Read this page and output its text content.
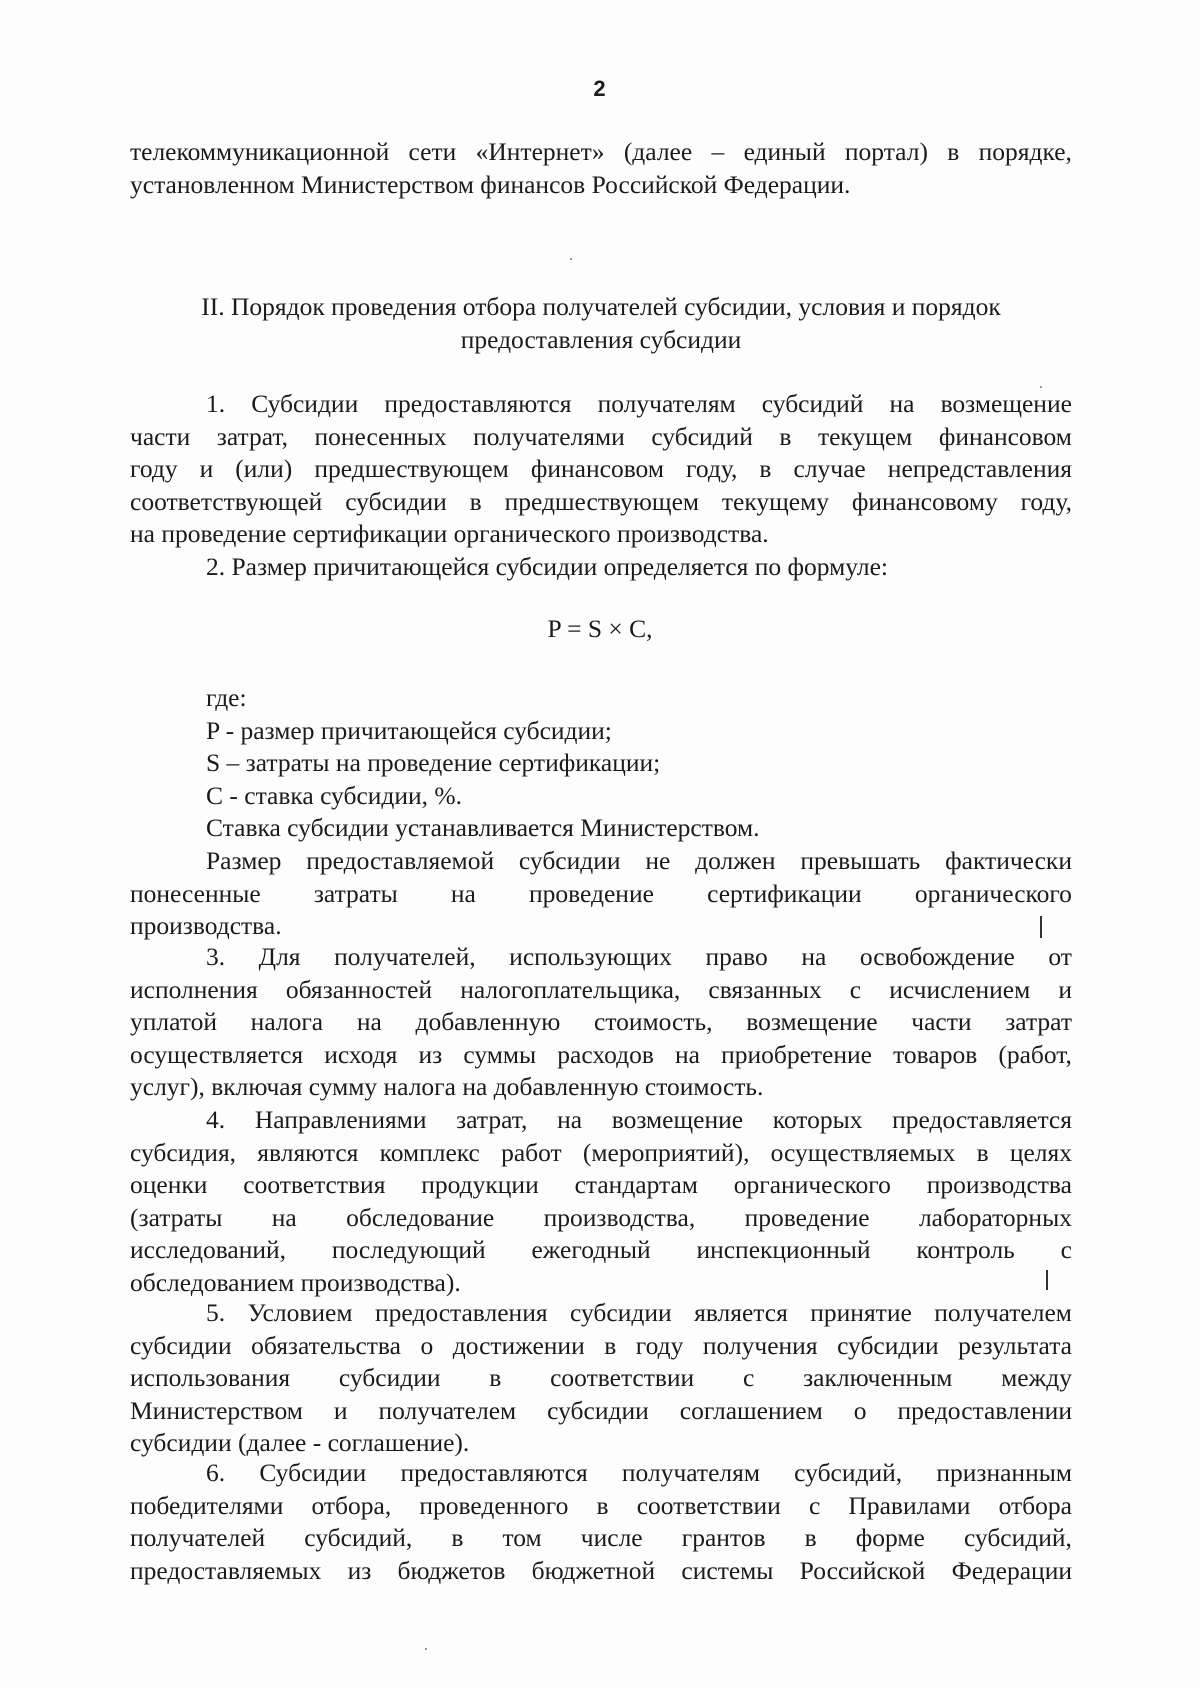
2
телекоммуникационной сети «Интернет» (далее – единый портал) в порядке,
установленном Министерством финансов Российской Федерации.
II. Порядок проведения отбора получателей субсидии, условия и порядок
предоставления субсидии
1. Субсидии предоставляются получателям субсидий на возмещение
части затрат, понесенных получателями субсидий в текущем финансовом
году и (или) предшествующем финансовом году, в случае непредставления
соответствующей субсидии в предшествующем текущему финансовому году,
на проведение сертификации органического производства.
2. Размер причитающейся субсидии определяется по формуле:
P = S × C,
где:
P - размер причитающейся субсидии;
S – затраты на проведение сертификации;
C - ставка субсидии, %.
Ставка субсидии устанавливается Министерством.
Размер предоставляемой субсидии не должен превышать фактически
понесенные затраты на проведение сертификации органического
производства.
3. Для получателей, использующих право на освобождение от
исполнения обязанностей налогоплательщика, связанных с исчислением и
уплатой налога на добавленную стоимость, возмещение части затрат
осуществляется исходя из суммы расходов на приобретение товаров (работ,
услуг), включая сумму налога на добавленную стоимость.
4. Направлениями затрат, на возмещение которых предоставляется
субсидия, являются комплекс работ (мероприятий), осуществляемых в целях
оценки соответствия продукции стандартам органического производства
(затраты на обследование производства, проведение лабораторных
исследований, последующий ежегодный инспекционный контроль с
обследованием производства).
5. Условием предоставления субсидии является принятие получателем
субсидии обязательства о достижении в году получения субсидии результата
использования субсидии в соответствии с заключенным между
Министерством и получателем субсидии соглашением о предоставлении
субсидии (далее - соглашение).
6. Субсидии предоставляются получателям субсидий, признанным
победителями отбора, проведенного в соответствии с Правилами отбора
получателей субсидий, в том числе грантов в форме субсидий,
предоставляемых из бюджетов бюджетной системы Российской Федерации
